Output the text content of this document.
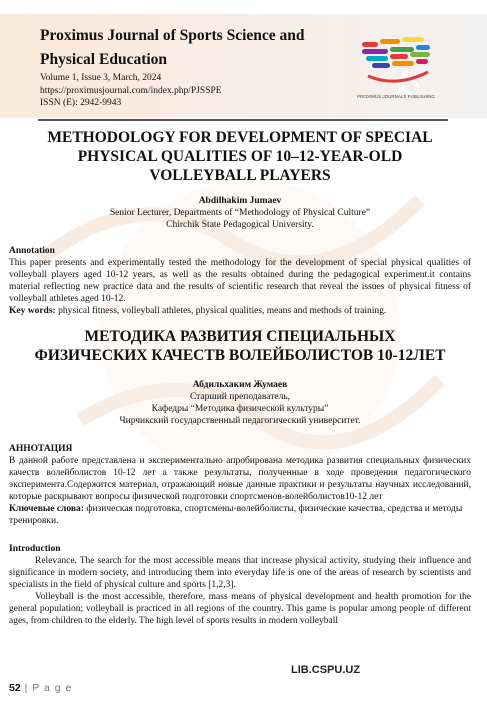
Proximus Journal of Sports Science and Physical Education
Volume 1, Issue 3, March, 2024
https://proximusjournal.com/index.php/PJSSPE
ISSN (E): 2942-9943
PROXIMUS JOURNALS PUBLISHING
METHODOLOGY FOR DEVELOPMENT OF SPECIAL PHYSICAL QUALITIES OF 10–12-YEAR-OLD VOLLEYBALL PLAYERS
Abdilhakim Jumaev
Senior Lecturer, Departments of “Methodology of Physical Culture”
Chirchik State Pedagogical University.
Annotation
This paper presents and experimentally tested the methodology for the development of special physical qualities of volleyball players aged 10-12 years, as well as the results obtained during the pedagogical experiment.it contains material reflecting new practice data and the results of scientific research that reveal the issues of physical fitness of volleyball athletes aged 10-12.
Key words: physical fitness, volleyball athletes, physical qualities, means and methods of training.
МЕТОДИКА РАЗВИТИЯ СПЕЦИАЛЬНЫХ ФИЗИЧЕСКИХ КАЧЕСТВ ВОЛЕЙБОЛИСТОВ 10-12ЛЕТ
Абдильхаким Жумаев
Старший преподаватель,
Кафедры “Методика физической культуры”
Чирчикский государственный педагогический университет.
АННОТАЦИЯ
В данной работе представлена и экспериментально апробирована методика развития специальных физических качеств волейболистов 10-12 лет а также результаты, полученные в ходе проведения педагогического эксперимента.Содержится материал, отражающий новые данные практики и результаты научных исследований, которые раскрывают вопросы физической подготовки спортсменов-волейболистов10-12 лет
Ключевые слова: физическая подготовка, спортсмены-волейболисты, физические качества, средства и методы тренировки.
Introduction
Relevance. The search for the most accessible means that increase physical activity, studying their influence and significance in modern society, and introducing them into everyday life is one of the areas of research by scientists and specialists in the field of physical culture and sports [1,2,3].
Volleyball is the most accessible, therefore, mass means of physical development and health promotion for the general population; volleyball is practiced in all regions of the country. This game is popular among people of different ages, from children to the elderly. The high level of sports results in modern volleyball
LIB.CSPU.UZ
52 | P a g e
